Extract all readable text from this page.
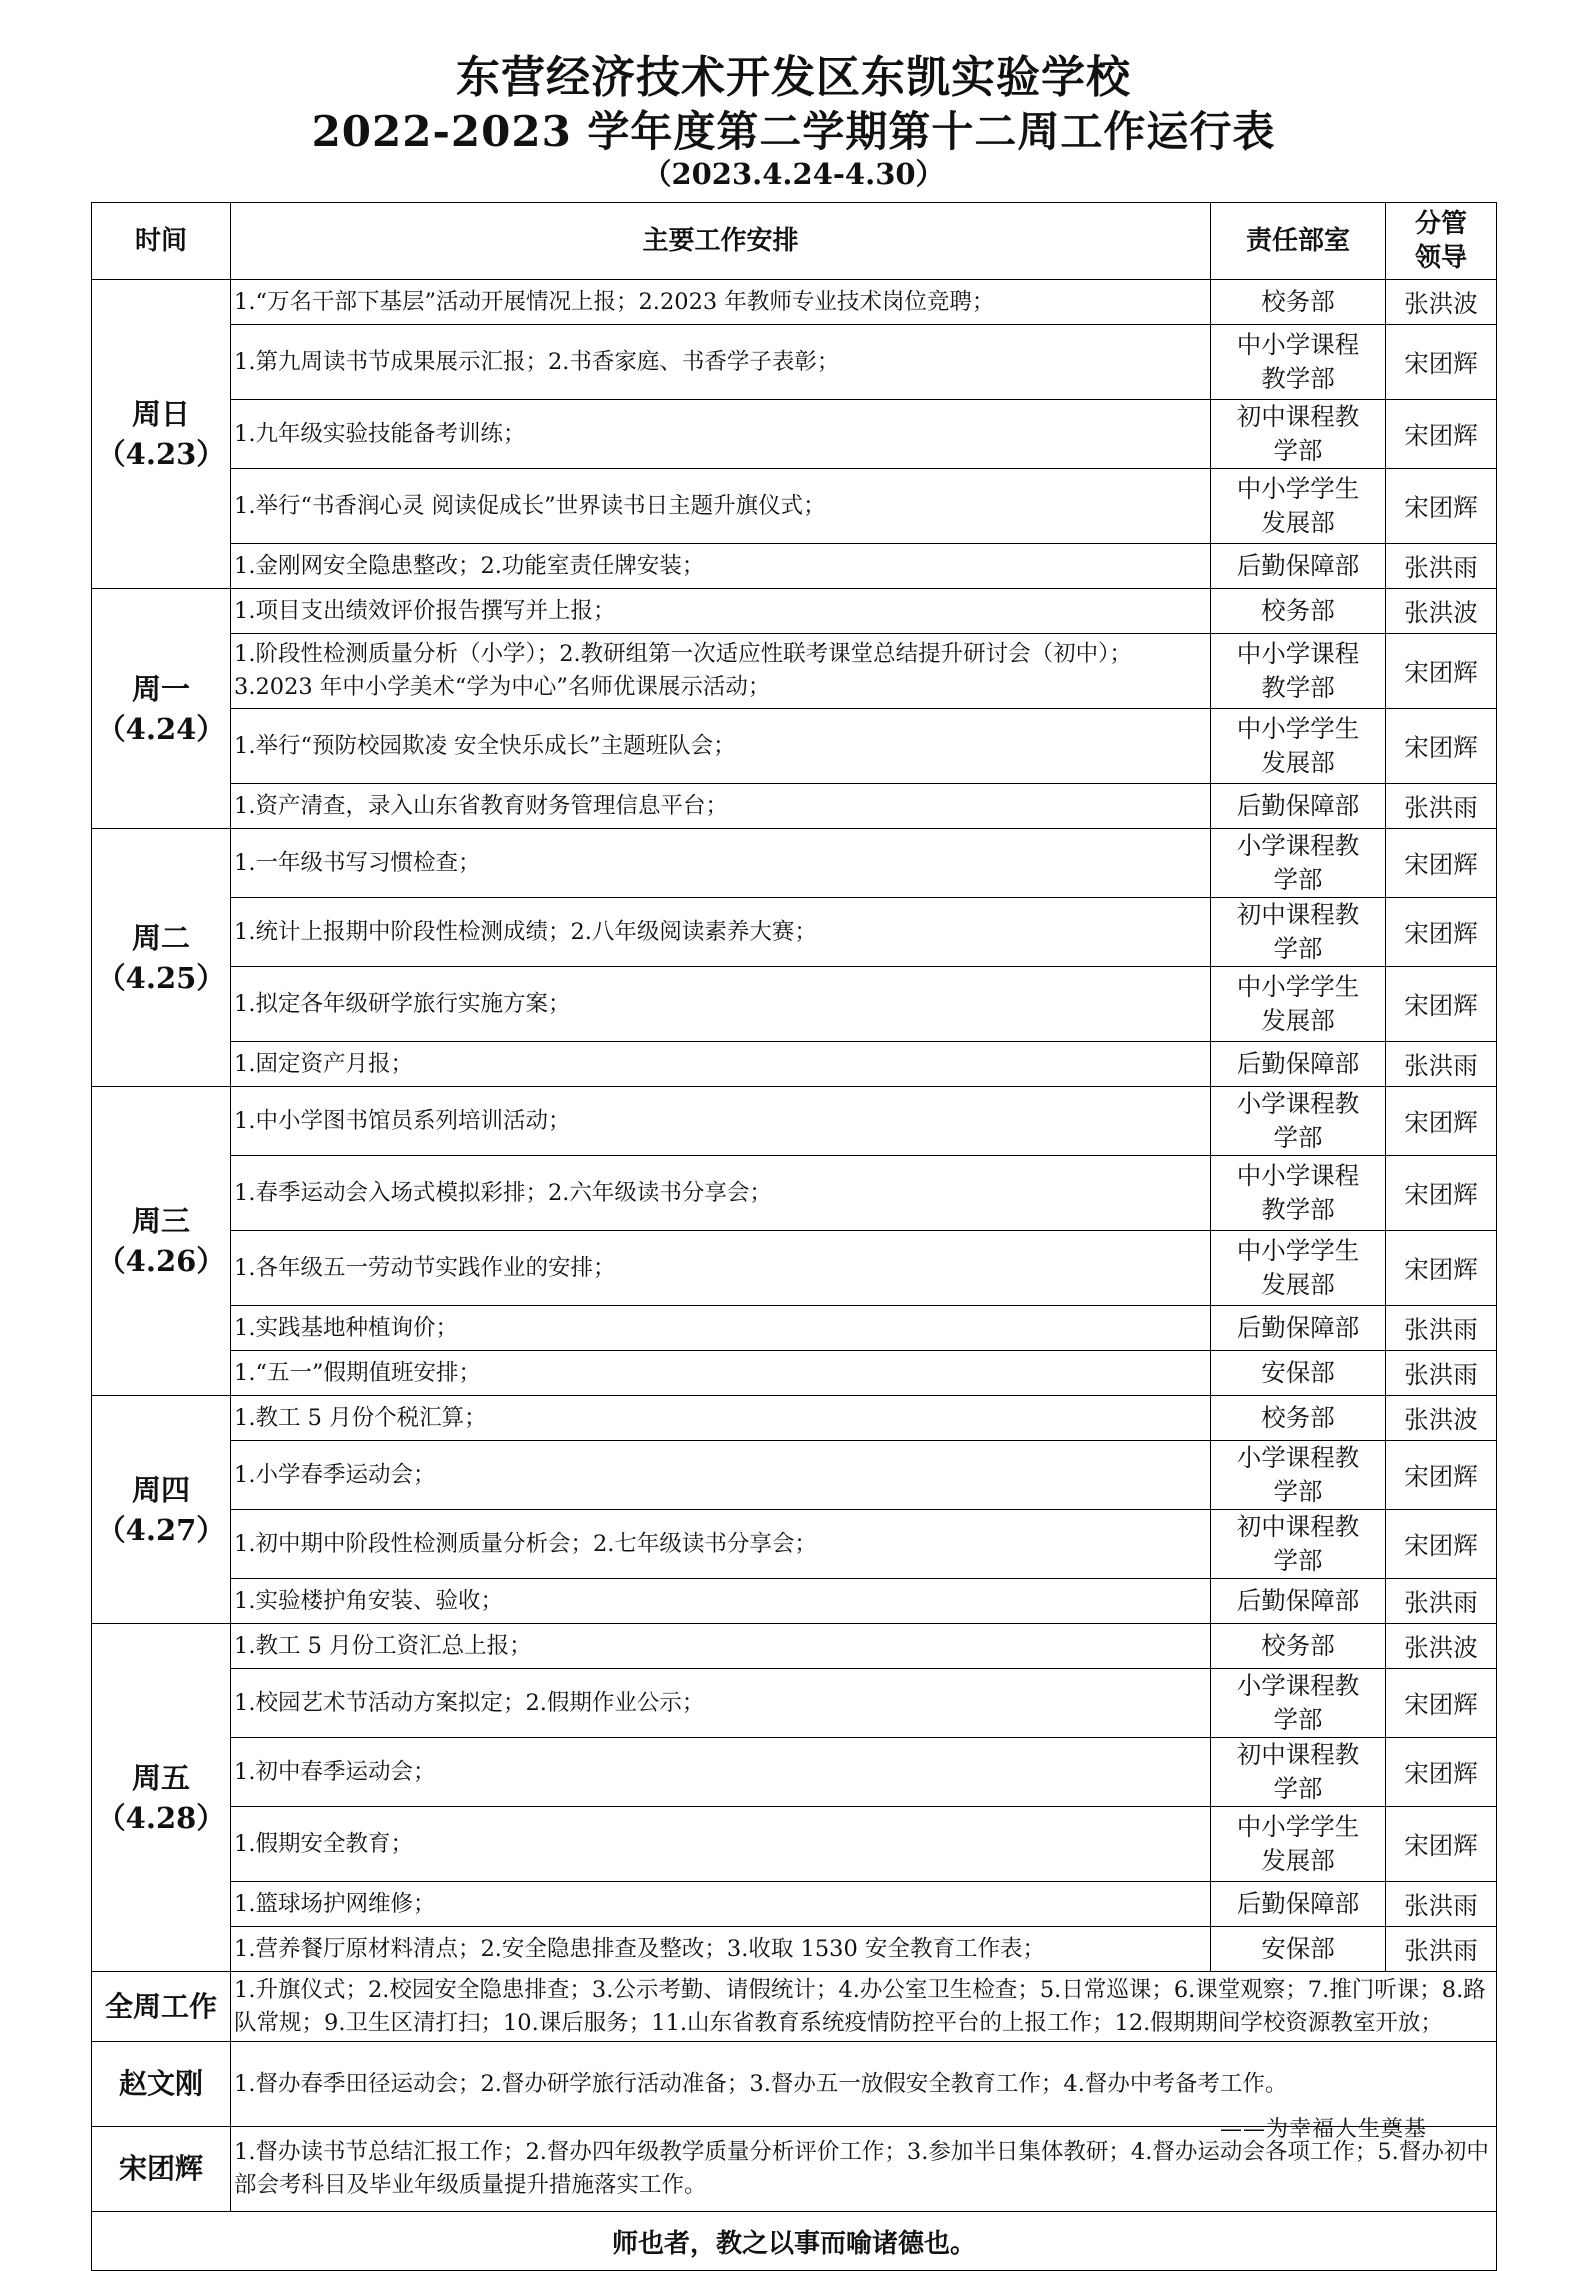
东营经济技术开发区东凯实验学校
2022-2023 学年度第二学期第十二周工作运行表
（2023.4.24-4.30）
时间	主要工作安排	责任部室	分管领导

周日
（4.23）	1.“万名干部下基层”活动开展情况上报；2.2023 年教师专业技术岗位竞聘；	校务部	张洪波
	1.第九周读书节成果展示汇报；2.书香家庭、书香学子表彰；	中小学课程教学部	宋团辉
	1.九年级实验技能备考训练；	初中课程教学部	宋团辉
	1.举行“书香润心灵 阅读促成长”世界读书日主题升旗仪式；	中小学学生发展部	宋团辉
	1.金刚网安全隐患整改；2.功能室责任牌安装；	后勤保障部	张洪雨

周一
（4.24）	1.项目支出绩效评价报告撰写并上报；	校务部	张洪波
	1.阶段性检测质量分析（小学）；2.教研组第一次适应性联考课堂总结提升研讨会（初中）；3.2023 年中小学美术“学为中心”名师优课展示活动；	中小学课程教学部	宋团辉
	1.举行“预防校园欺凌 安全快乐成长”主题班队会；	中小学学生发展部	宋团辉
	1.资产清查，录入山东省教育财务管理信息平台；	后勤保障部	张洪雨

周二
（4.25）	1.一年级书写习惯检查；	小学课程教学部	宋团辉
	1.统计上报期中阶段性检测成绩；2.八年级阅读素养大赛；	初中课程教学部	宋团辉
	1.拟定各年级研学旅行实施方案；	中小学学生发展部	宋团辉
	1.固定资产月报；	后勤保障部	张洪雨

周三
（4.26）	1.中小学图书馆员系列培训活动；	小学课程教学部	宋团辉
	1.春季运动会入场式模拟彩排；2.六年级读书分享会；	中小学课程教学部	宋团辉
	1.各年级五一劳动节实践作业的安排；	中小学学生发展部	宋团辉
	1.实践基地种植询价；	后勤保障部	张洪雨
	1.“五一”假期值班安排；	安保部	张洪雨

周四
（4.27）	1.教工 5 月份个税汇算；	校务部	张洪波
	1.小学春季运动会；	小学课程教学部	宋团辉
	1.初中期中阶段性检测质量分析会；2.七年级读书分享会；	初中课程教学部	宋团辉
	1.实验楼护角安装、验收；	后勤保障部	张洪雨

周五
（4.28）	1.教工 5 月份工资汇总上报；	校务部	张洪波
	1.校园艺术节活动方案拟定；2.假期作业公示；	小学课程教学部	宋团辉
	1.初中春季运动会；	初中课程教学部	宋团辉
	1.假期安全教育；	中小学学生发展部	宋团辉
	1.篮球场护网维修；	后勤保障部	张洪雨
	1.营养餐厅原材料清点；2.安全隐患排查及整改；3.收取 1530 安全教育工作表；	安保部	张洪雨
全周工作	1.升旗仪式；2.校园安全隐患排查；3.公示考勤、请假统计；4.办公室卫生检查；5.日常巡课；6.课堂观察；7.推门听课；8.路队常规；9.卫生区清打扫；10.课后服务；11.山东省教育系统疫情防控平台的上报工作；12.假期期间学校资源教室开放；		
赵文刚	1.督办春季田径运动会；2.督办研学旅行活动准备；3.督办五一放假安全教育工作；4.督办中考备考工作。		
宋团辉	1.督办读书节总结汇报工作；2.督办四年级教学质量分析评价工作；3.参加半日集体教研；4.督办运动会各项工作；5.督办初中部会考科目及毕业年级质量提升措施落实工作。		
师也者，教之以事而喻诸德也。			
——为幸福人生奠基
